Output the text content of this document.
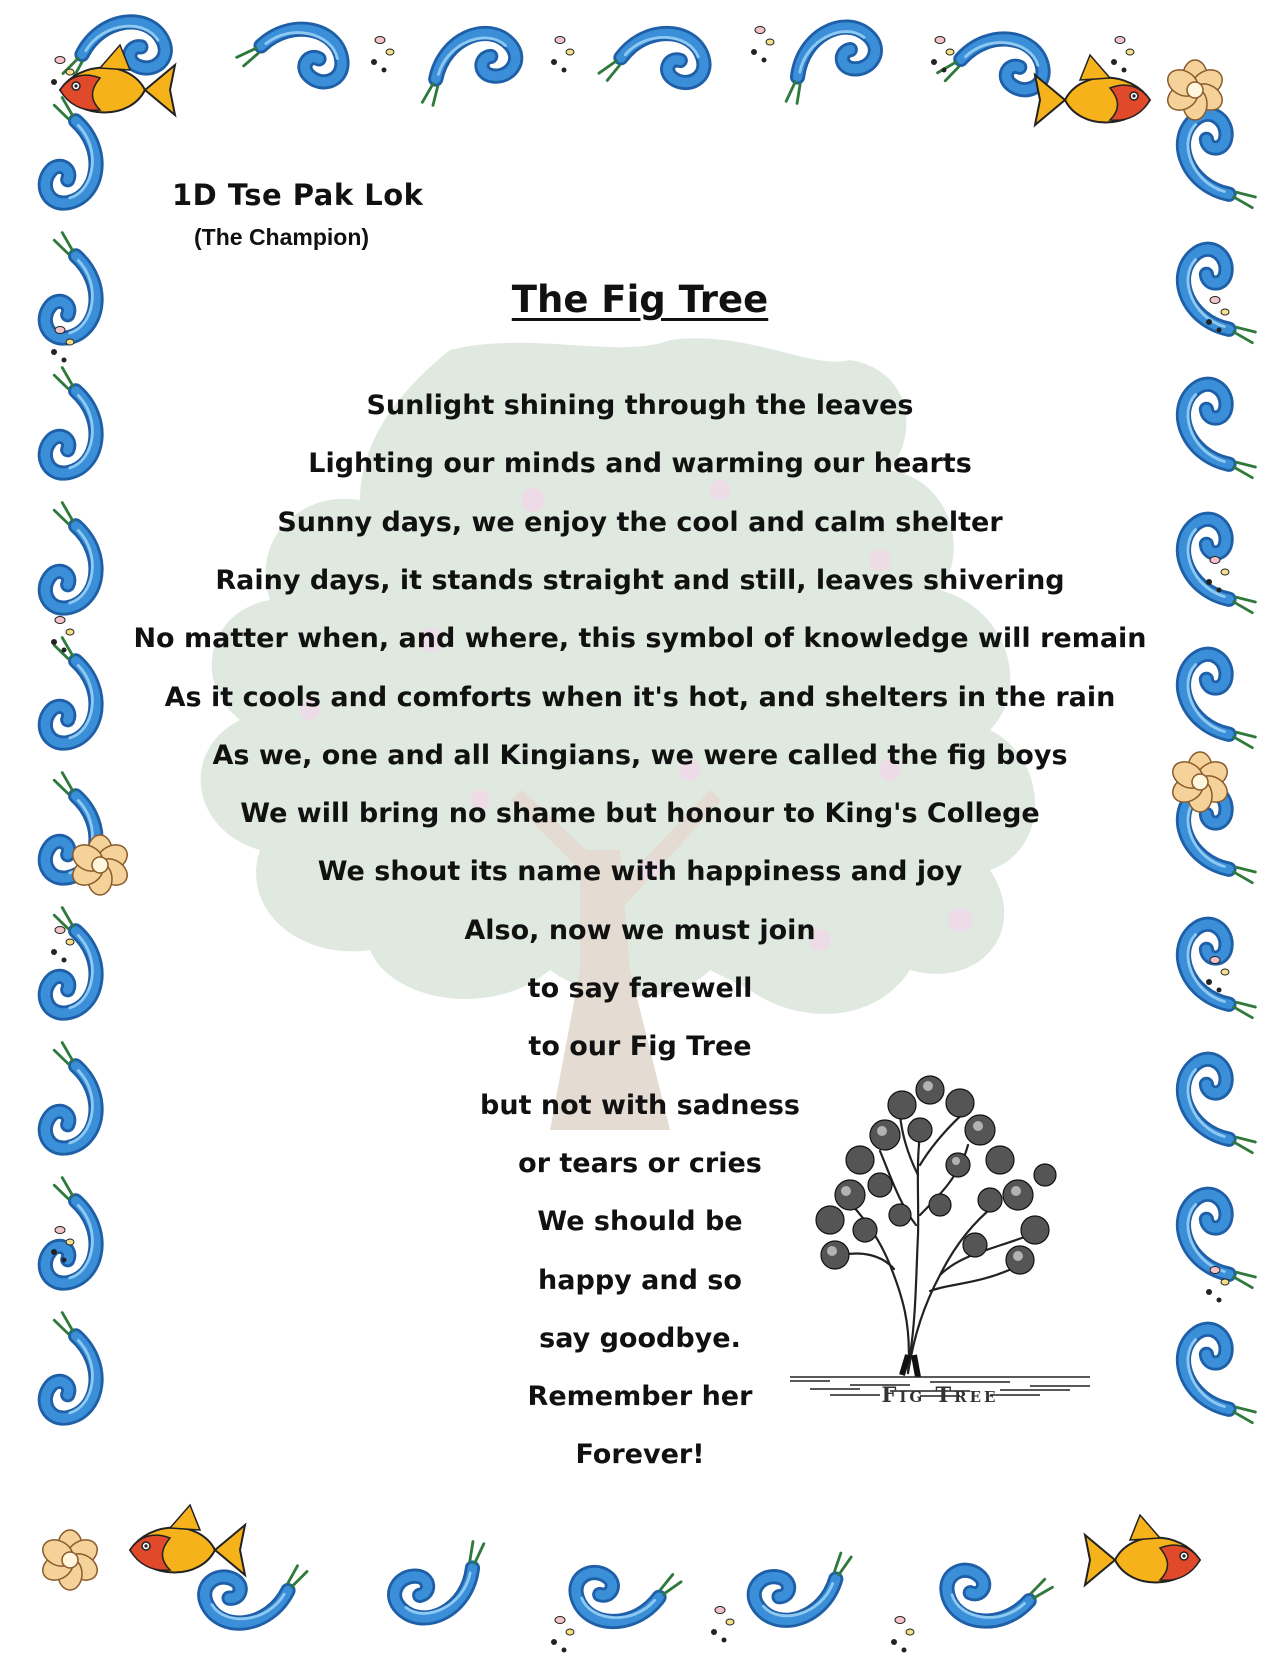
1D Tse Pak Lok
(The Champion)
The Fig Tree
Sunlight shining through the leaves
Lighting our minds and warming our hearts
Sunny days, we enjoy the cool and calm shelter
Rainy days, it stands straight and still, leaves shivering
No matter when, and where, this symbol of knowledge will remain
As it cools and comforts when it's hot, and shelters in the rain
As we, one and all Kingians, we were called the fig boys
We will bring no shame but honour to King's College
We shout its name with happiness and joy
Also, now we must join
to say farewell
to our Fig Tree
but not with sadness
or tears or cries
We should be
happy and so
say goodbye.
Remember her
Forever!
Fig Tree
